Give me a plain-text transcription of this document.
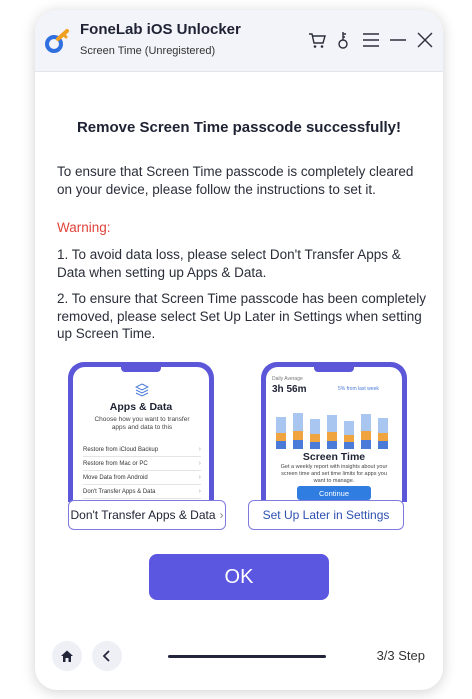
FoneLab iOS Unlocker
Screen Time (Unregistered)
Remove Screen Time passcode successfully!
To ensure that Screen Time passcode is completely cleared on your device, please follow the instructions to set it.
Warning:
1. To avoid data loss, please select Don't Transfer Apps & Data when setting up Apps & Data.
2. To ensure that Screen Time passcode has been completely removed, please select Set Up Later in Settings when setting up Screen Time.
Apps & Data
Choose how you want to transfer apps and data to this
Restore from iCloud Backup	›
Restore from Mac or PC	›
Move Data from Android	›
Don't Transfer Apps & Data	›
Daily Average
3h 56m	5% from last week
Screen Time
Get a weekly report with insights about your screen time and set time limits for apps you want to manage.
Continue
Don't Transfer Apps & Data ›	Set Up Later in Settings
OK
3/3 Step
